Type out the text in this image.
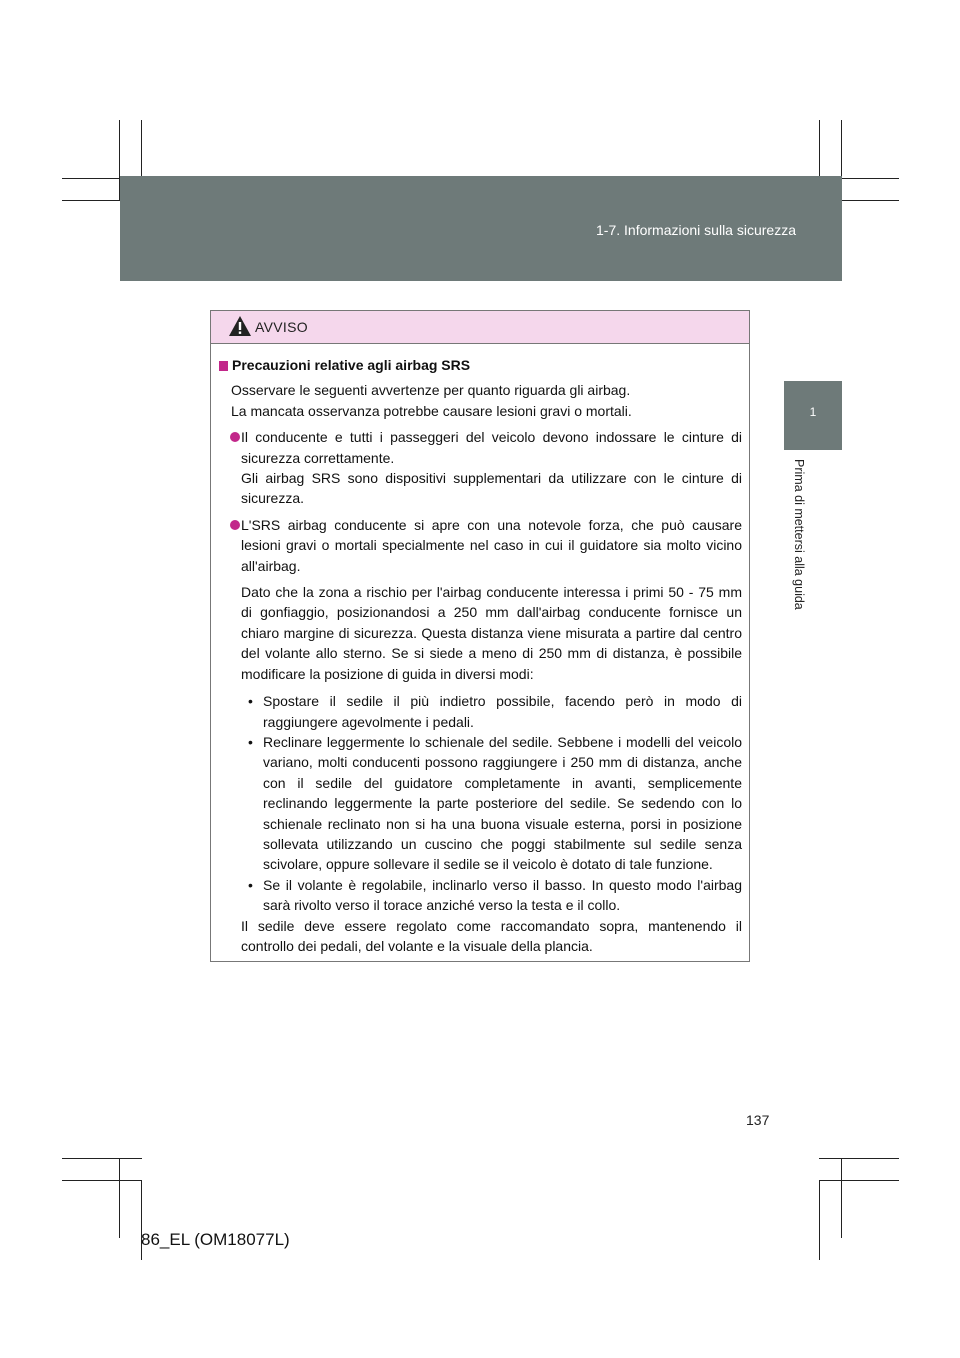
1-7. Informazioni sulla sicurezza
1
Prima di mettersi alla guida
AVVISO
Precauzioni relative agli airbag SRS
Osservare le seguenti avvertenze per quanto riguarda gli airbag.
La mancata osservanza potrebbe causare lesioni gravi o mortali.
Il conducente e tutti i passeggeri del veicolo devono indossare le cinture di sicurezza correttamente.
Gli airbag SRS sono dispositivi supplementari da utilizzare con le cinture di sicurezza.
L'SRS airbag conducente si apre con una notevole forza, che può causare lesioni gravi o mortali specialmente nel caso in cui il guidatore sia molto vicino all'airbag.
Dato che la zona a rischio per l'airbag conducente interessa i primi 50 - 75 mm di gonfiaggio, posizionandosi a 250 mm dall'airbag conducente fornisce un chiaro margine di sicurezza. Questa distanza viene misurata a partire dal centro del volante allo sterno. Se si siede a meno di 250 mm di distanza, è possibile modificare la posizione di guida in diversi modi:
• Spostare il sedile il più indietro possibile, facendo però in modo di raggiungere agevolmente i pedali.
• Reclinare leggermente lo schienale del sedile. Sebbene i modelli del veicolo variano, molti conducenti possono raggiungere i 250 mm di distanza, anche con il sedile del guidatore completamente in avanti, semplicemente reclinando leggermente la parte posteriore del sedile. Se sedendo con lo schienale reclinato non si ha una buona visuale esterna, porsi in posizione sollevata utilizzando un cuscino che poggi stabilmente sul sedile senza scivolare, oppure sollevare il sedile se il veicolo è dotato di tale funzione.
• Se il volante è regolabile, inclinarlo verso il basso. In questo modo l'airbag sarà rivolto verso il torace anziché verso la testa e il collo.
Il sedile deve essere regolato come raccomandato sopra, mantenendo il controllo dei pedali, del volante e la visuale della plancia.
137
86_EL (OM18077L)
